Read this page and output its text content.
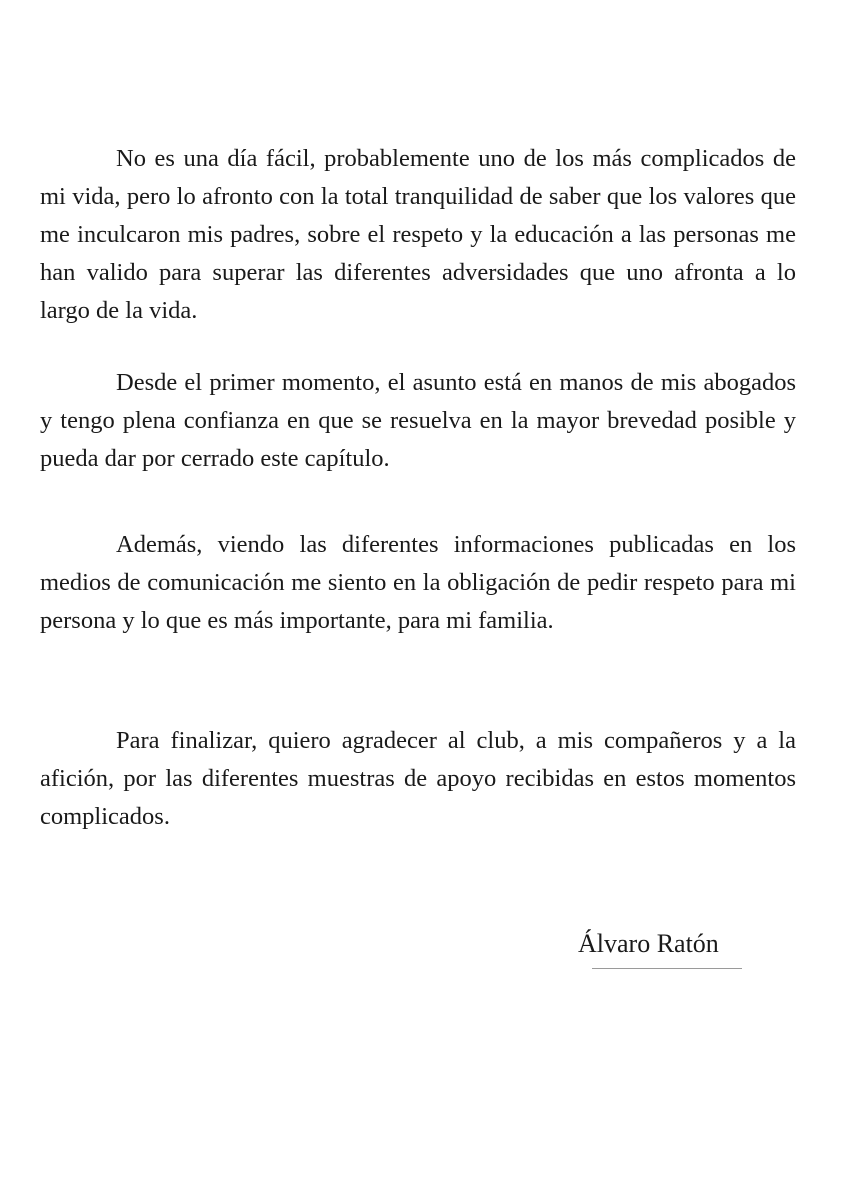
No es una día fácil, probablemente uno de los más complicados de mi vida, pero lo afronto con la total tranquilidad de saber que los valores que me inculcaron mis padres, sobre el respeto y la educación a las personas me han valido para superar las diferentes adversidades que uno afronta a lo largo de la vida.

Desde el primer momento, el asunto está en manos de mis abogados y tengo plena confianza en que se resuelva en la mayor brevedad posible y pueda dar por cerrado este capítulo.

Además, viendo las diferentes informaciones publicadas en los medios de comunicación me siento en la obligación de pedir respeto para mi persona y lo que es más importante, para mi familia.

Para finalizar, quiero agradecer al club, a mis compañeros y a la afición, por las diferentes muestras de apoyo recibidas en estos momentos complicados.

Álvaro Ratón
